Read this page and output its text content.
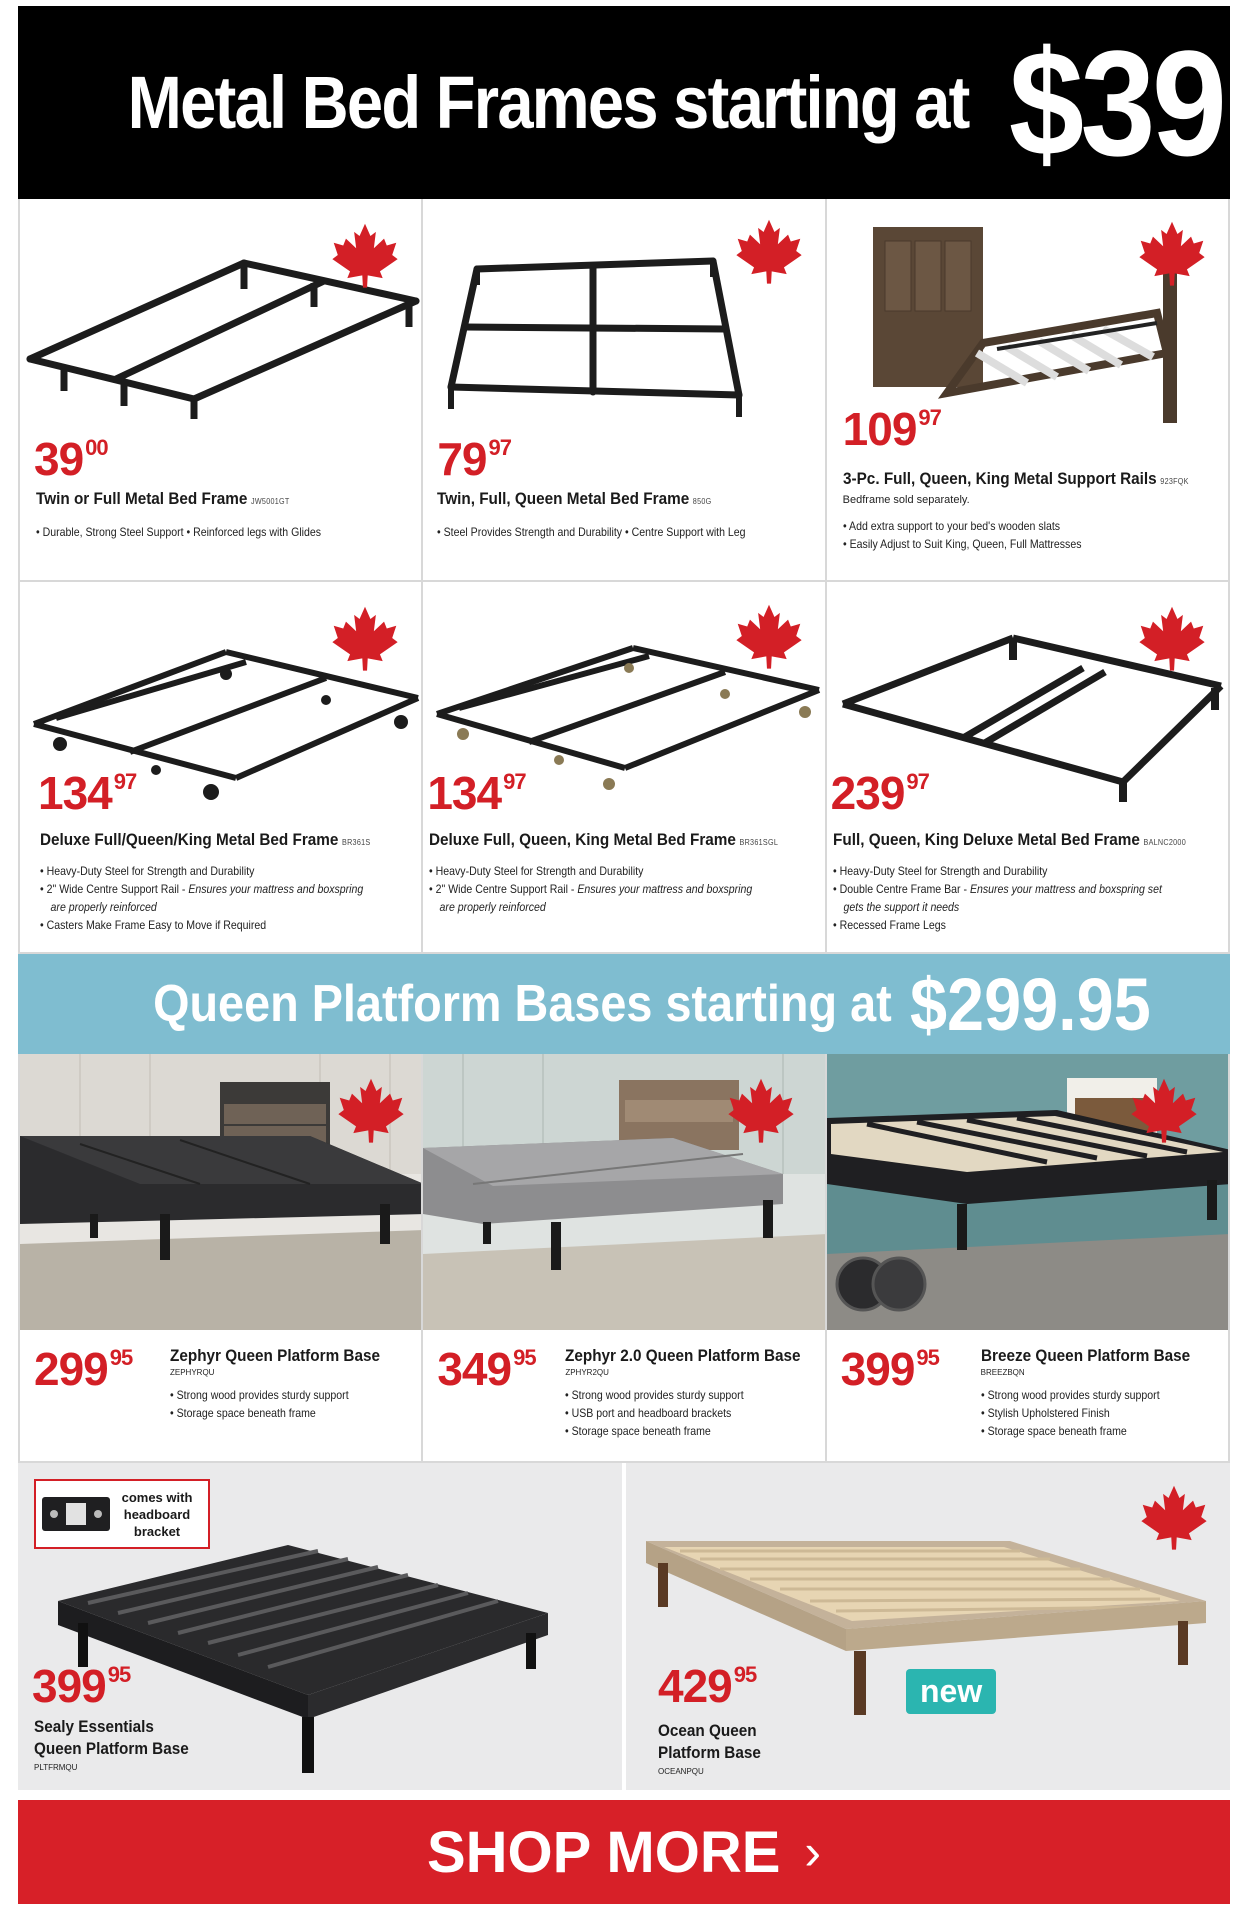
Metal Bed Frames starting at $39
$39^{00}$
Twin or Full Metal Bed Frame JW5001GT
• Durable, Strong Steel Support • Reinforced legs with Glides
$79^{97}$
Twin, Full, Queen Metal Bed Frame 850G
• Steel Provides Strength and Durability • Centre Support with Leg
$109^{97}$
3-Pc. Full, Queen, King Metal Support Rails 923FQK
Bedframe sold separately.
• Add extra support to your bed's wooden slats
• Easily Adjust to Suit King, Queen, Full Mattresses
$134^{97}$
Deluxe Full/Queen/King Metal Bed Frame BR361S
• Heavy-Duty Steel for Strength and Durability
• 2" Wide Centre Support Rail - Ensures your mattress and boxspring
are properly reinforced
• Casters Make Frame Easy to Move if Required
$134^{97}$
Deluxe Full, Queen, King Metal Bed Frame BR361SGL
• Heavy-Duty Steel for Strength and Durability
• 2" Wide Centre Support Rail - Ensures your mattress and boxspring
are properly reinforced
$239^{97}$
Full, Queen, King Deluxe Metal Bed Frame BALNC2000
• Heavy-Duty Steel for Strength and Durability
• Double Centre Frame Bar - Ensures your mattress and boxspring set
gets the support it needs
• Recessed Frame Legs
Queen Platform Bases starting at $299.95
$299^{95}$ Zephyr Queen Platform Base
ZEPHYRQU
• Strong wood provides sturdy support
• Storage space beneath frame
$349^{95}$ Zephyr 2.0 Queen Platform Base
ZPHYR2QU
• Strong wood provides sturdy support
• USB port and headboard brackets
• Storage space beneath frame
$399^{95}$ Breeze Queen Platform Base
BREEZBQN
• Strong wood provides sturdy support
• Stylish Upholstered Finish
• Storage space beneath frame
comes with
headboard
bracket
$399^{95}$
Sealy Essentials
Queen Platform Base
PLTFRMQU
new
$429^{95}$
Ocean Queen
Platform Base
OCEANPQU
SHOP MORE ›
